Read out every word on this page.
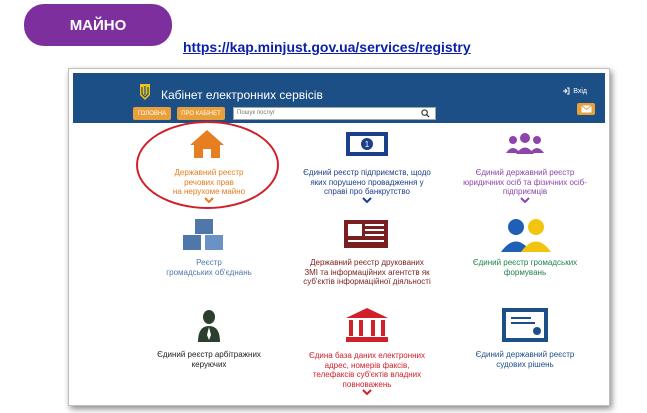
МАЙНО
https://kap.minjust.gov.ua/services/registry
Кабінет електронних сервісів	Вхід
ГОЛОВНА	ПРО КАБІНЕТ	Пошук послуг
Державний реєстр
речових прав
на нерухоме майно
1
Єдиний реєстр підприємств, щодо
яких порушено провадження у
справі про банкрутство
Єдиний державний реєстр
юридичних осіб та фізичних осіб-
підприємців
Реєстр
громадських об'єднань
Державний реєстр друкованих
ЗМІ та інформаційних агентств як
суб'єктів інформаційної діяльності
Єдиний реєстр громадських
формувань
Єдиний реєстр арбітражних
керуючих
Єдина база даних електронних
адрес, номерів факсів,
телефаксів суб'єктів владних
повноважень
Єдиний державний реєстр
судових рішень
